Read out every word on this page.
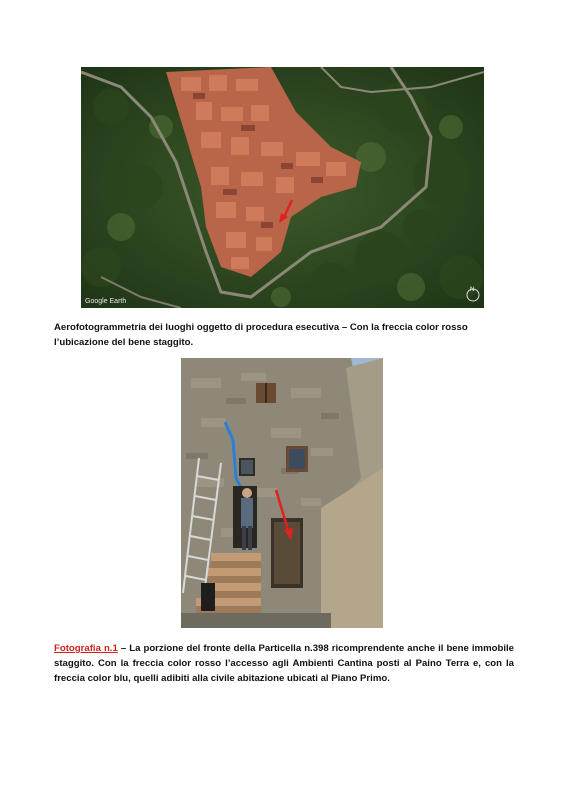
N
Google Earth

Aerofotogrammetria dei luoghi oggetto di procedura esecutiva – Con la freccia color rosso l’ubicazione del bene staggito.

Fotografia n.1 – La porzione del fronte della Particella n.398 ricomprendente anche il bene immobile staggito. Con la freccia color rosso l’accesso agli Ambienti Cantina posti al Paino Terra e, con la freccia color blu, quelli adibiti alla civile abitazione ubicati al Piano Primo.
